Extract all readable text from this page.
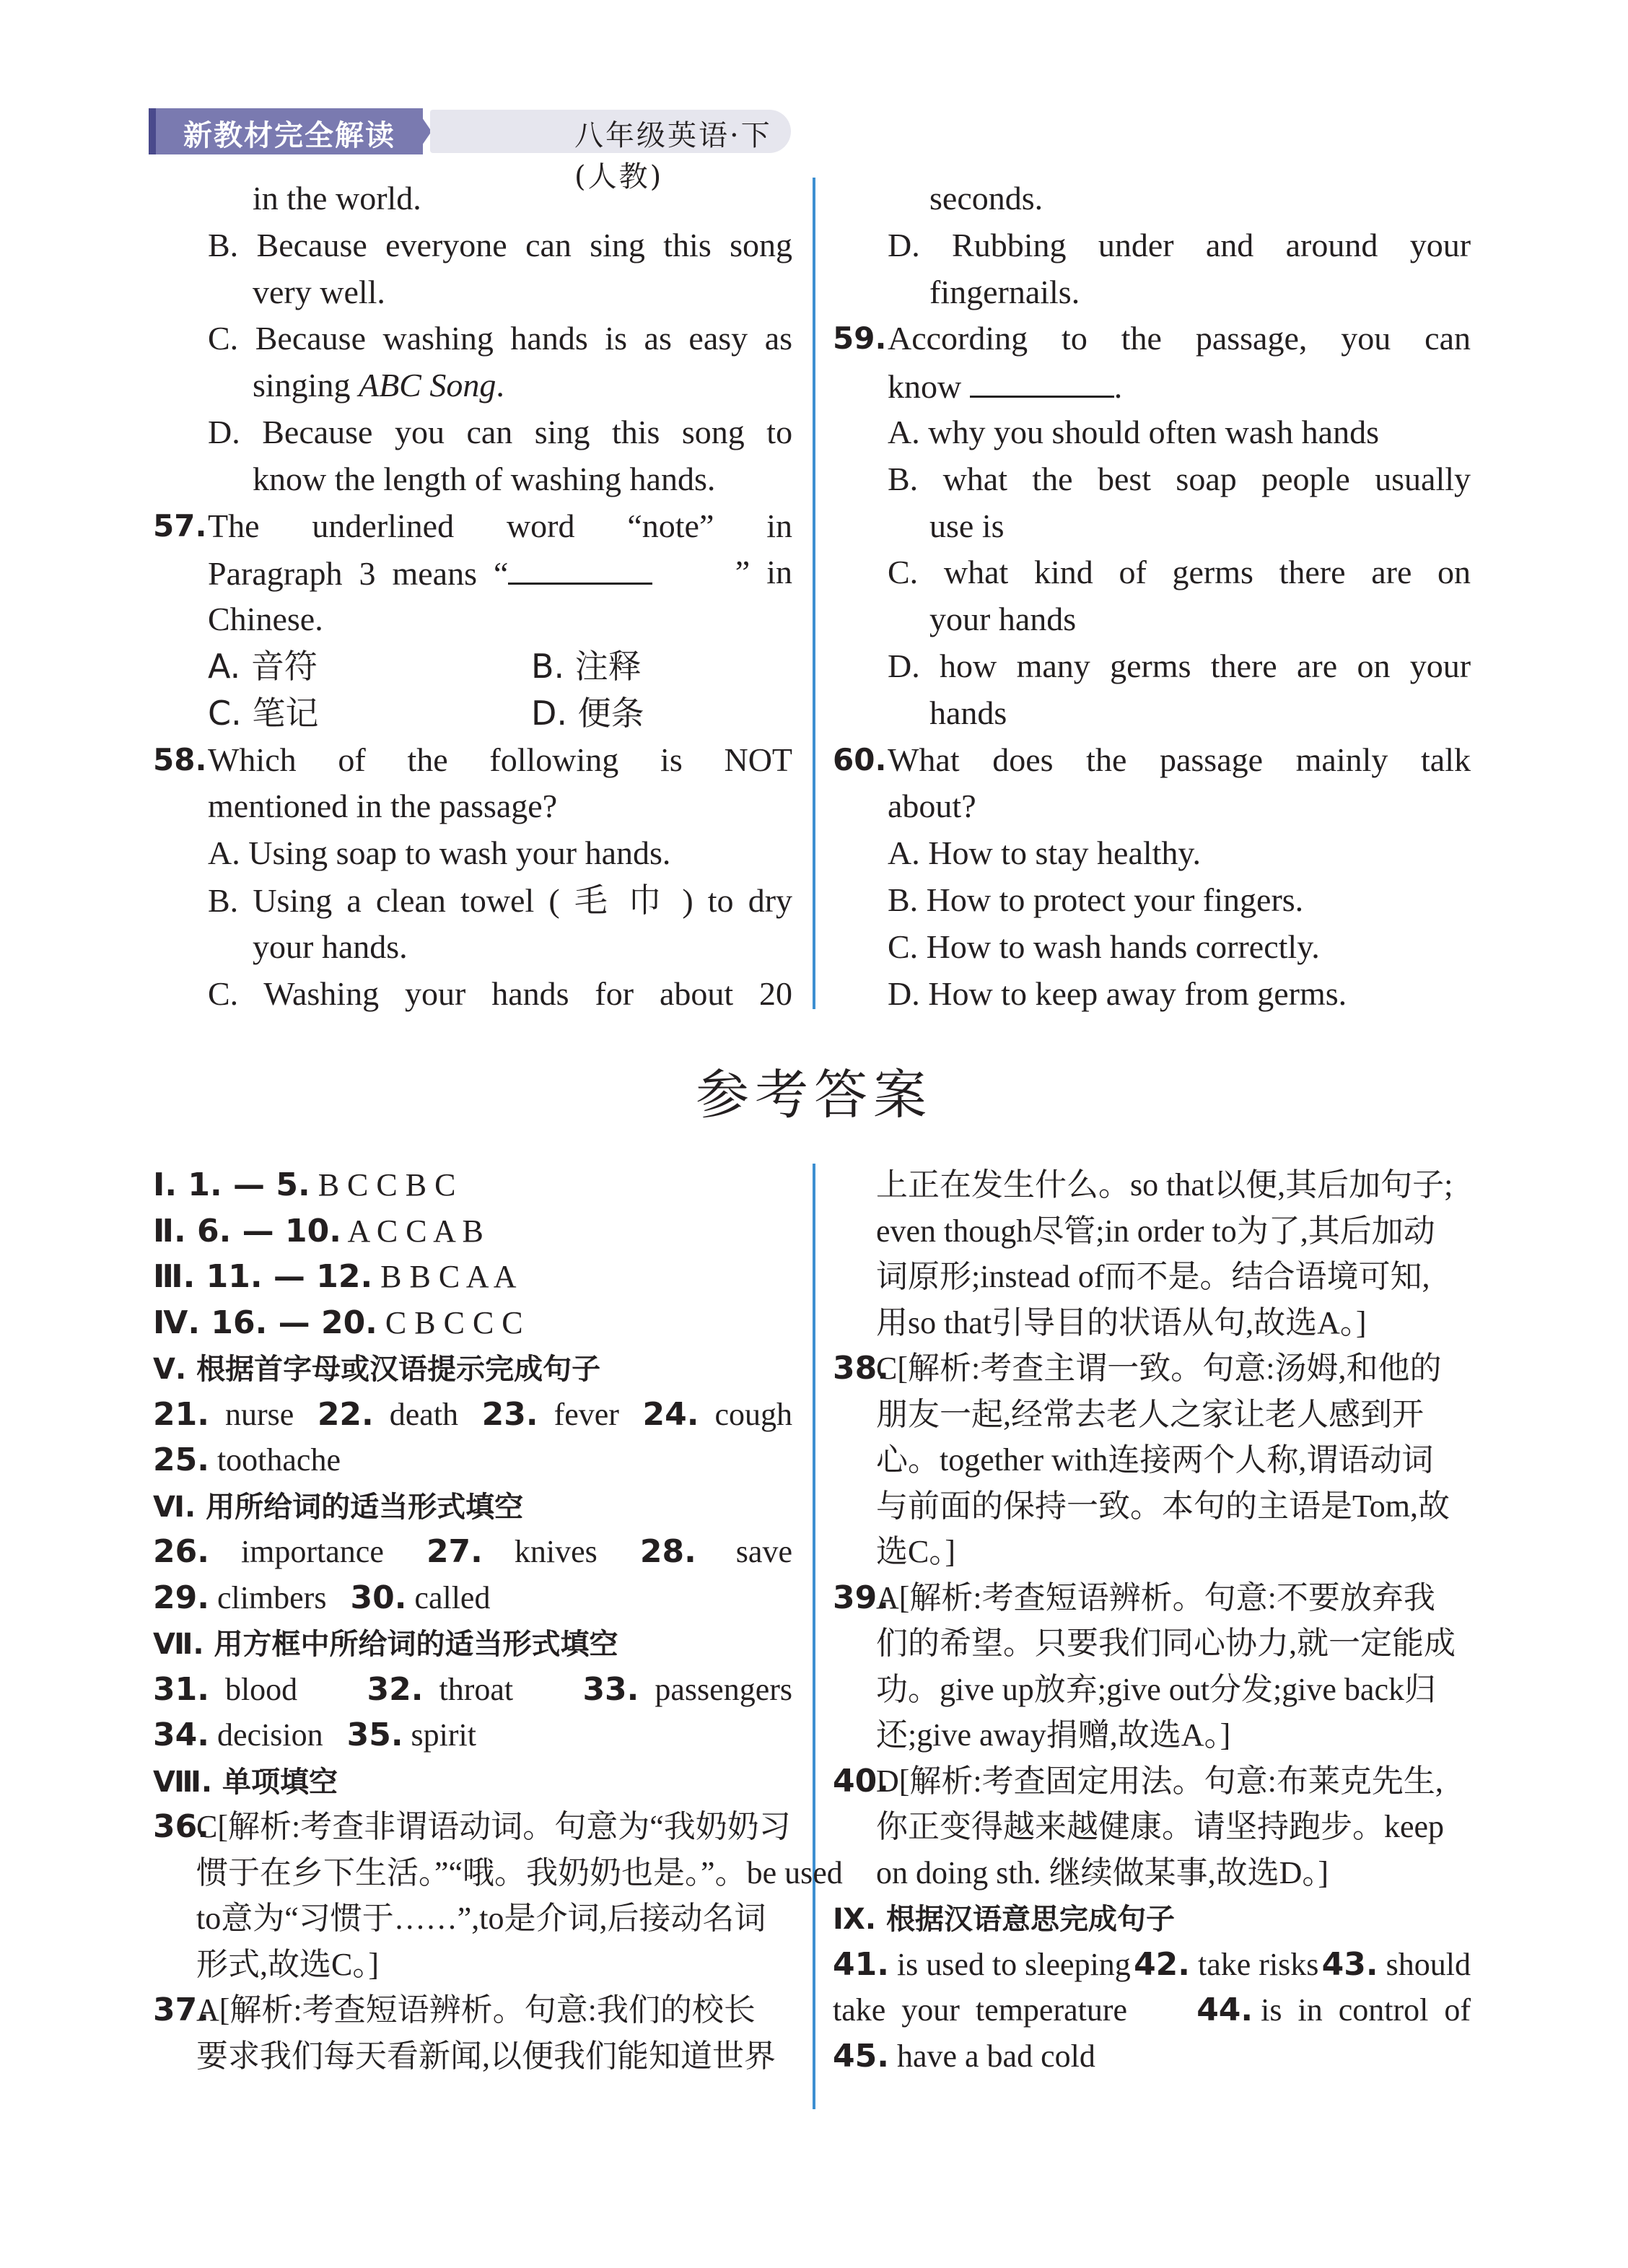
新教材完全解读	八年级英语·下(人教)
in the world.
B. Because everyone can sing this song
very well.
C. Because washing hands is as easy as
singing ABC Song.
D. Because you can sing this song to
know the length of washing hands.
57. The underlined word “note” in
Paragraph  3  means  “	”  in
Chinese.
A. 音符	B. 注释
C. 笔记	D. 便条
58. Which of the following is NOT
mentioned in the passage?
A. Using soap to wash your hands.
B. Using a clean towel ( 毛 巾 ) to dry
your hands.
C. Washing your hands for about 20
seconds.
D. Rubbing under and around your
fingernails.
59. According to the passage, you can
know	.
A. why you should often wash hands
B. what the best soap people usually
use is
C. what kind of germs there are on
your hands
D. how many germs there are on your
hands
60. What does the passage mainly talk
about?
A. How to stay healthy.
B. How to protect your fingers.
C. How to wash hands correctly.
D. How to keep away from germs.
参考答案
Ⅰ. 1. — 5. B C C B C
Ⅱ. 6. — 10. A C C A B
Ⅲ. 11. — 12. B B C A A
Ⅳ. 16. — 20. C B C C C
Ⅴ. 根据首字母或汉语提示完成句子
21. nurse 22. death 23. fever 24. cough
25. toothache
Ⅵ. 用所给词的适当形式填空
26. importance 27. knives 28. save
29. climbers 30. called
Ⅶ. 用方框中所给词的适当形式填空
31. blood 32. throat 33. passengers
34. decision 35. spirit
Ⅷ. 单项填空
36.
C[解析:考查非谓语动词。句意为“我奶奶习
惯于在乡下生活。”“哦。我奶奶也是。”。be used
to意为“习惯于……”,to是介词,后接动名词
形式,故选C。]
37.
A[解析:考查短语辨析。句意:我们的校长
要求我们每天看新闻,以便我们能知道世界
上正在发生什么。so that以便,其后加句子;
even though尽管;in order to为了,其后加动
词原形;instead of而不是。结合语境可知,
用so that引导目的状语从句,故选A。]
38.
C[解析:考查主谓一致。句意:汤姆,和他的
朋友一起,经常去老人之家让老人感到开
心。together with连接两个人称,谓语动词
与前面的保持一致。本句的主语是Tom,故
选C。]
39.
A[解析:考查短语辨析。句意:不要放弃我
们的希望。只要我们同心协力,就一定能成
功。give up放弃;give out分发;give back归
还;give away捐赠,故选A。]
40.
D[解析:考查固定用法。句意:布莱克先生,
你正变得越来越健康。请坚持跑步。keep
on doing sth. 继续做某事,故选D。]
Ⅸ. 根据汉语意思完成句子
41. is used to sleeping 42. take risks 43. should
take  your  temperature 44. is  in  control  of
45. have a bad cold
